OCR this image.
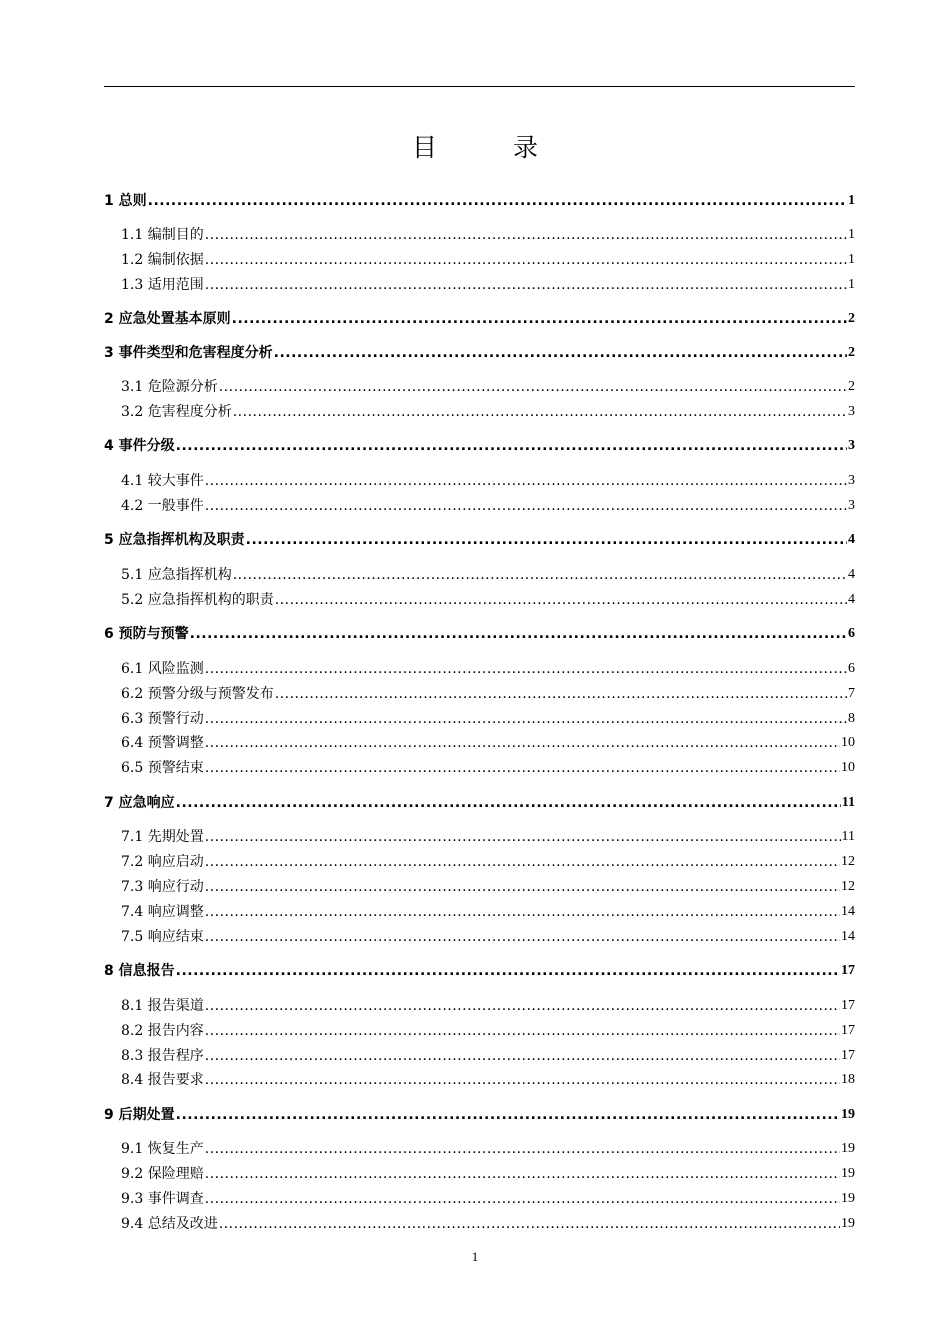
目 录
1 总则 .....	1
1.1 编制目的 .....	1
1.2 编制依据 .....	1
1.3 适用范围 .....	1
2 应急处置基本原则 .....	2
3 事件类型和危害程度分析 .....	2
3.1 危险源分析 .....	2
3.2 危害程度分析 .....	3
4 事件分级 .....	3
4.1 较大事件 .....	3
4.2 一般事件 .....	3
5 应急指挥机构及职责 .....	4
5.1 应急指挥机构 .....	4
5.2 应急指挥机构的职责 .....	4
6 预防与预警 .....	6
6.1 风险监测 .....	6
6.2 预警分级与预警发布 .....	7
6.3 预警行动 .....	8
6.4 预警调整 .....	10
6.5 预警结束 .....	10
7 应急响应 .....	11
7.1 先期处置 .....	11
7.2 响应启动 .....	12
7.3 响应行动 .....	12
7.4 响应调整 .....	14
7.5 响应结束 .....	14
8 信息报告 .....	17
8.1 报告渠道 .....	17
8.2 报告内容 .....	17
8.3 报告程序 .....	17
8.4 报告要求 .....	18
9 后期处置 .....	19
9.1 恢复生产 .....	19
9.2 保险理赔 .....	19
9.3 事件调查 .....	19
9.4 总结及改进 .....	19
1
